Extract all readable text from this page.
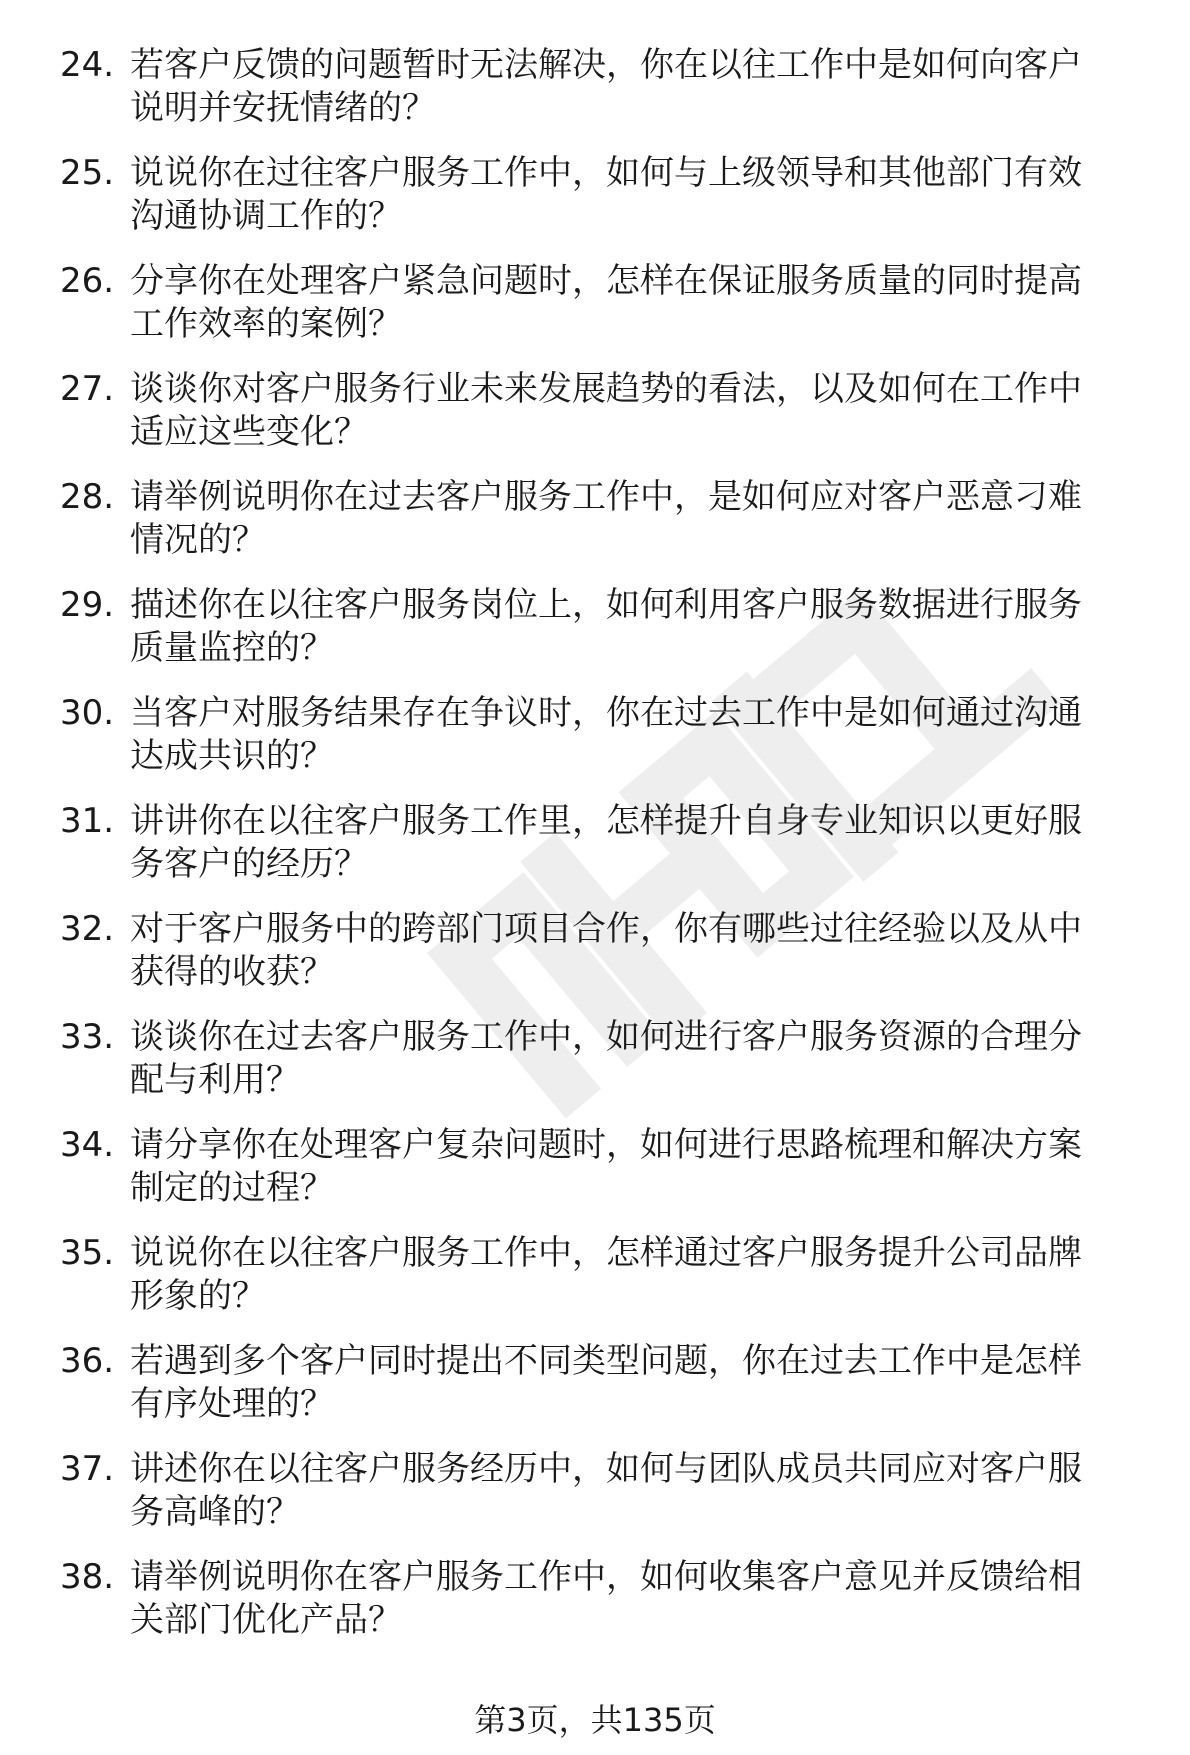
24. 若客户反馈的问题暂时无法解决，你在以往工作中是如何向客户
说明并安抚情绪的？
25. 说说你在过往客户服务工作中，如何与上级领导和其他部门有效
沟通协调工作的？
26. 分享你在处理客户紧急问题时，怎样在保证服务质量的同时提高
工作效率的案例？
27. 谈谈你对客户服务行业未来发展趋势的看法，以及如何在工作中
适应这些变化？
28. 请举例说明你在过去客户服务工作中，是如何应对客户恶意刁难
情况的？
29. 描述你在以往客户服务岗位上，如何利用客户服务数据进行服务
质量监控的？
30. 当客户对服务结果存在争议时，你在过去工作中是如何通过沟通
达成共识的？
31. 讲讲你在以往客户服务工作里，怎样提升自身专业知识以更好服
务客户的经历？
32. 对于客户服务中的跨部门项目合作，你有哪些过往经验以及从中
获得的收获？
33. 谈谈你在过去客户服务工作中，如何进行客户服务资源的合理分
配与利用？
34. 请分享你在处理客户复杂问题时，如何进行思路梳理和解决方案
制定的过程？
35. 说说你在以往客户服务工作中，怎样通过客户服务提升公司品牌
形象的？
36. 若遇到多个客户同时提出不同类型问题，你在过去工作中是怎样
有序处理的？
37. 讲述你在以往客户服务经历中，如何与团队成员共同应对客户服
务高峰的？
38. 请举例说明你在客户服务工作中，如何收集客户意见并反馈给相
关部门优化产品？
第3页，共135页
